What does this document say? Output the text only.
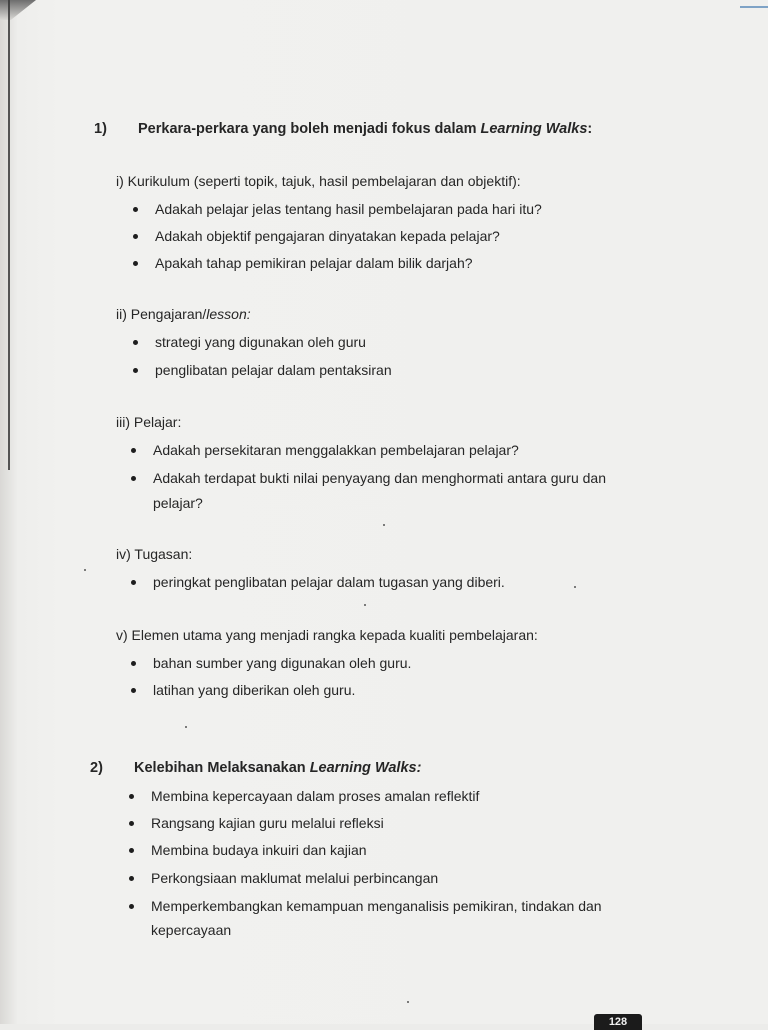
1) Perkara-perkara yang boleh menjadi fokus dalam Learning Walks:
i) Kurikulum (seperti topik, tajuk, hasil pembelajaran dan objektif):
Adakah pelajar jelas tentang hasil pembelajaran pada hari itu?
Adakah objektif pengajaran dinyatakan kepada pelajar?
Apakah tahap pemikiran pelajar dalam bilik darjah?
ii) Pengajaran/lesson:
strategi yang digunakan oleh guru
penglibatan pelajar dalam pentaksiran
iii) Pelajar:
Adakah persekitaran menggalakkan pembelajaran pelajar?
Adakah terdapat bukti nilai penyayang dan menghormati antara guru dan
pelajar?
iv) Tugasan:
peringkat penglibatan pelajar dalam tugasan yang diberi.
v) Elemen utama yang menjadi rangka kepada kualiti pembelajaran:
bahan sumber yang digunakan oleh guru.
latihan yang diberikan oleh guru.
2) Kelebihan Melaksanakan Learning Walks:
Membina kepercayaan dalam proses amalan reflektif
Rangsang kajian guru melalui refleksi
Membina budaya inkuiri dan kajian
Perkongsiaan maklumat melalui perbincangan
Memperkembangkan kemampuan menganalisis pemikiran, tindakan dan
kepercayaan
128
